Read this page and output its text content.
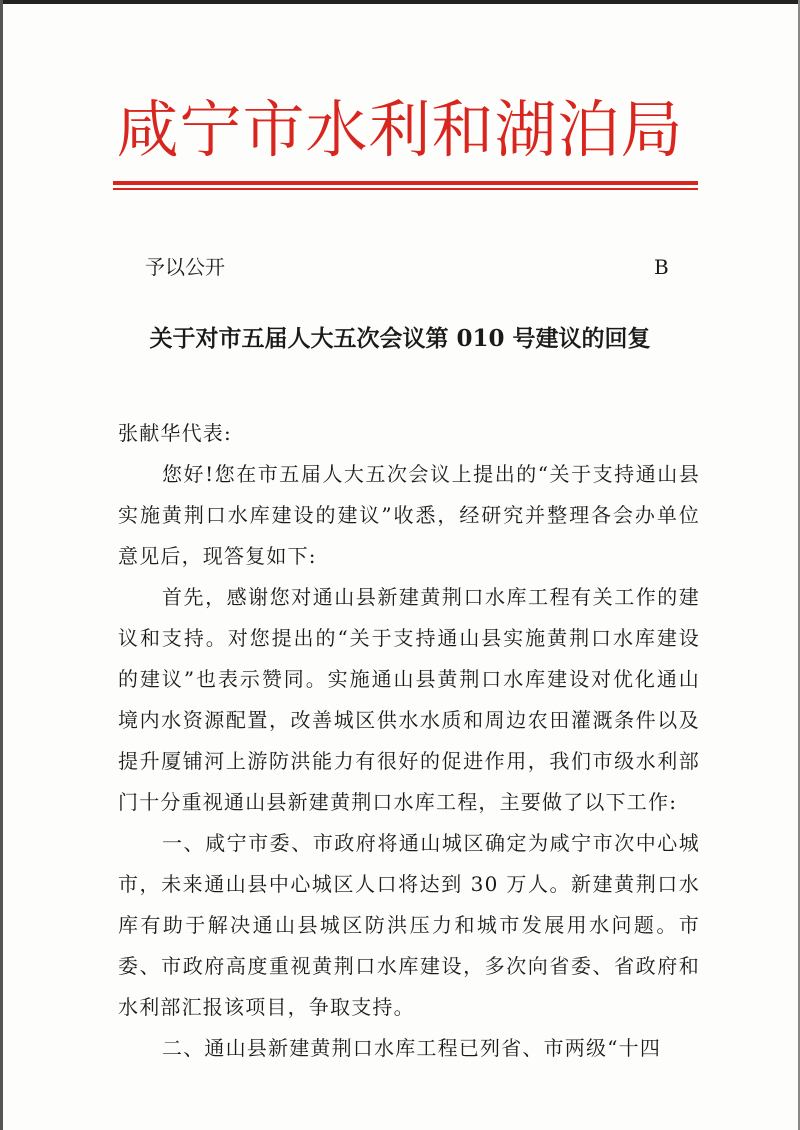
咸宁市水利和湖泊局
予以公开	B
关于对市五届人大五次会议第 010 号建议的回复

张献华代表:

您好!您在市五届人大五次会议上提出的“关于支持通山县实施黄荆口水库建设的建议”收悉，经研究并整理各会办单位意见后，现答复如下:

首先，感谢您对通山县新建黄荆口水库工程有关工作的建议和支持。对您提出的“关于支持通山县实施黄荆口水库建设的建议”也表示赞同。实施通山县黄荆口水库建设对优化通山境内水资源配置，改善城区供水水质和周边农田灌溉条件以及提升厦铺河上游防洪能力有很好的促进作用，我们市级水利部门十分重视通山县新建黄荆口水库工程，主要做了以下工作:

一、咸宁市委、市政府将通山城区确定为咸宁市次中心城市，未来通山县中心城区人口将达到 30 万人。新建黄荆口水库有助于解决通山县城区防洪压力和城市发展用水问题。市委、市政府高度重视黄荆口水库建设，多次向省委、省政府和水利部汇报该项目，争取支持。

二、通山县新建黄荆口水库工程已列省、市两级“十四
